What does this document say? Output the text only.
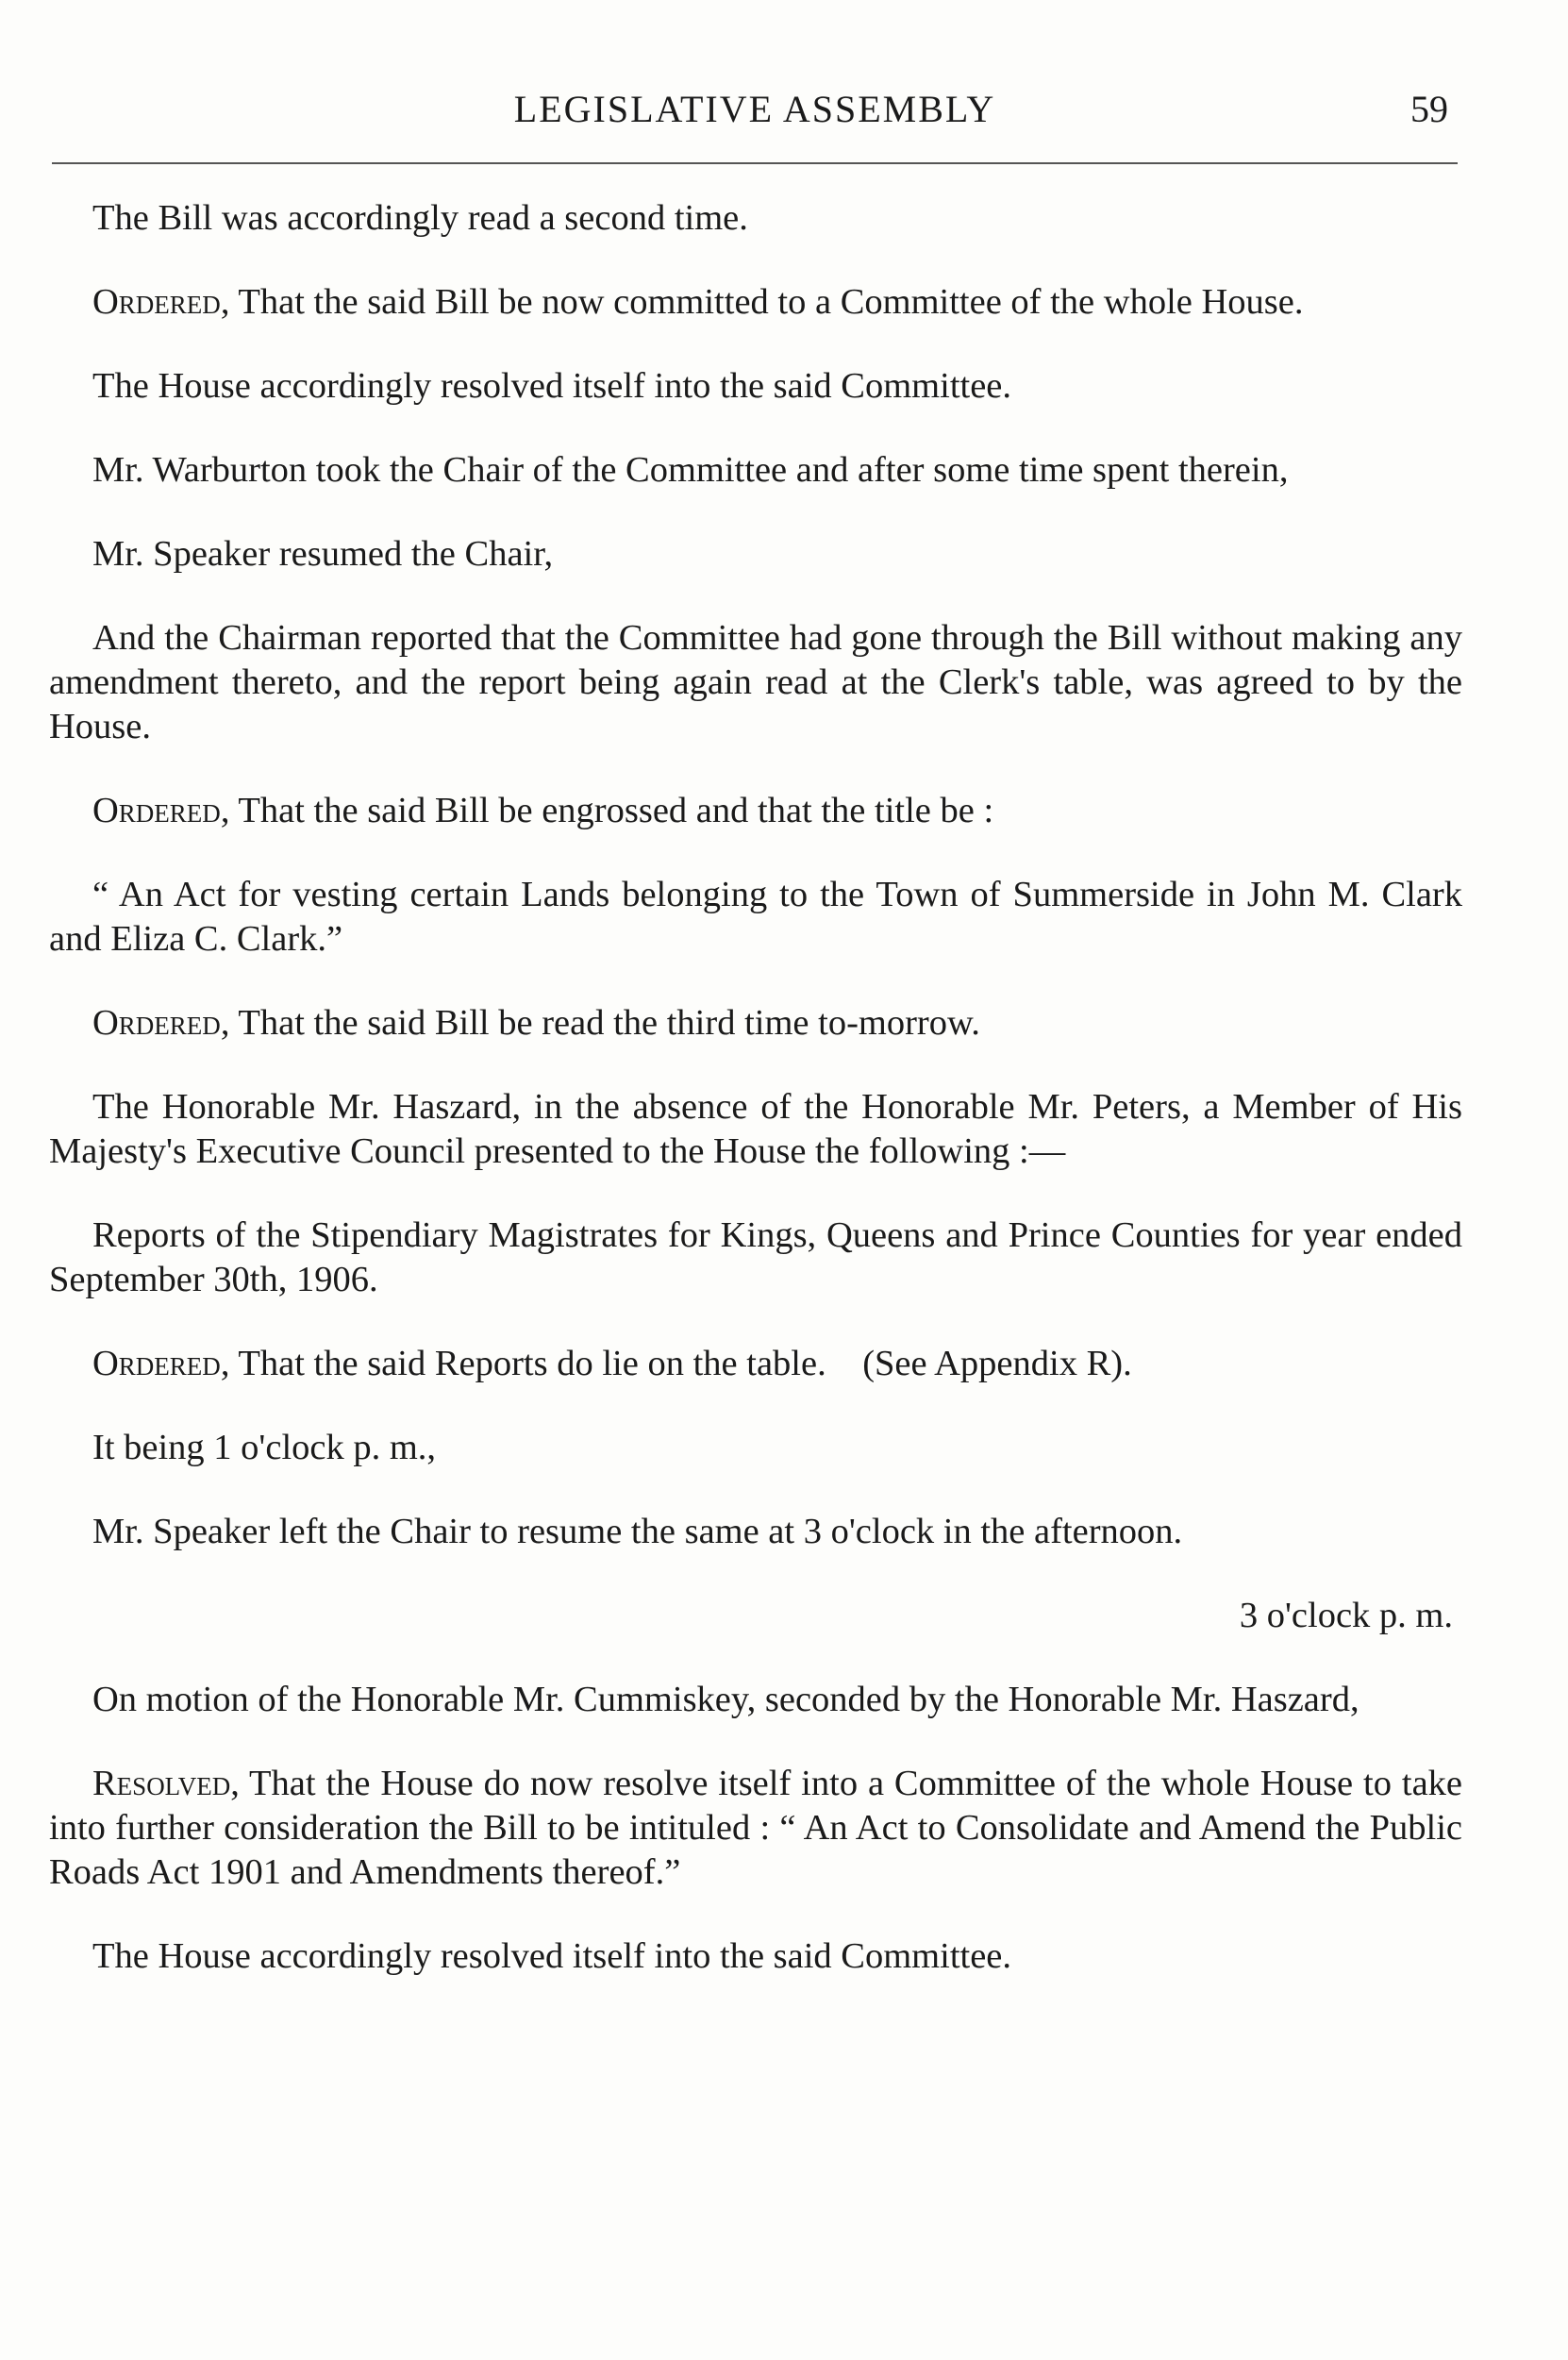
LEGISLATIVE ASSEMBLY	59

The Bill was accordingly read a second time.

Ordered, That the said Bill be now committed to a Committee of the whole House.

The House accordingly resolved itself into the said Committee.

Mr. Warburton took the Chair of the Committee and after some time spent therein,

Mr. Speaker resumed the Chair,

And the Chairman reported that the Committee had gone through the Bill without making any amendment thereto, and the report being again read at the Clerk's table, was agreed to by the House.

Ordered, That the said Bill be engrossed and that the title be :

“ An Act for vesting certain Lands belonging to the Town of Summerside in John M. Clark and Eliza C. Clark.”

Ordered, That the said Bill be read the third time to-morrow.

The Honorable Mr. Haszard, in the absence of the Honorable Mr. Peters, a Member of His Majesty's Executive Council presented to the House the following :—

Reports of the Stipendiary Magistrates for Kings, Queens and Prince Counties for year ended September 30th, 1906.

Ordered, That the said Reports do lie on the table.    (See Appendix R).

It being 1 o'clock p. m.,

Mr. Speaker left the Chair to resume the same at 3 o'clock in the afternoon.

3 o'clock p. m.

On motion of the Honorable Mr. Cummiskey, seconded by the Honorable Mr. Haszard,

Resolved, That the House do now resolve itself into a Committee of the whole House to take into further consideration the Bill to be intituled : “ An Act to Consolidate and Amend the Public Roads Act 1901 and Amendments thereof.”

The House accordingly resolved itself into the said Committee.
